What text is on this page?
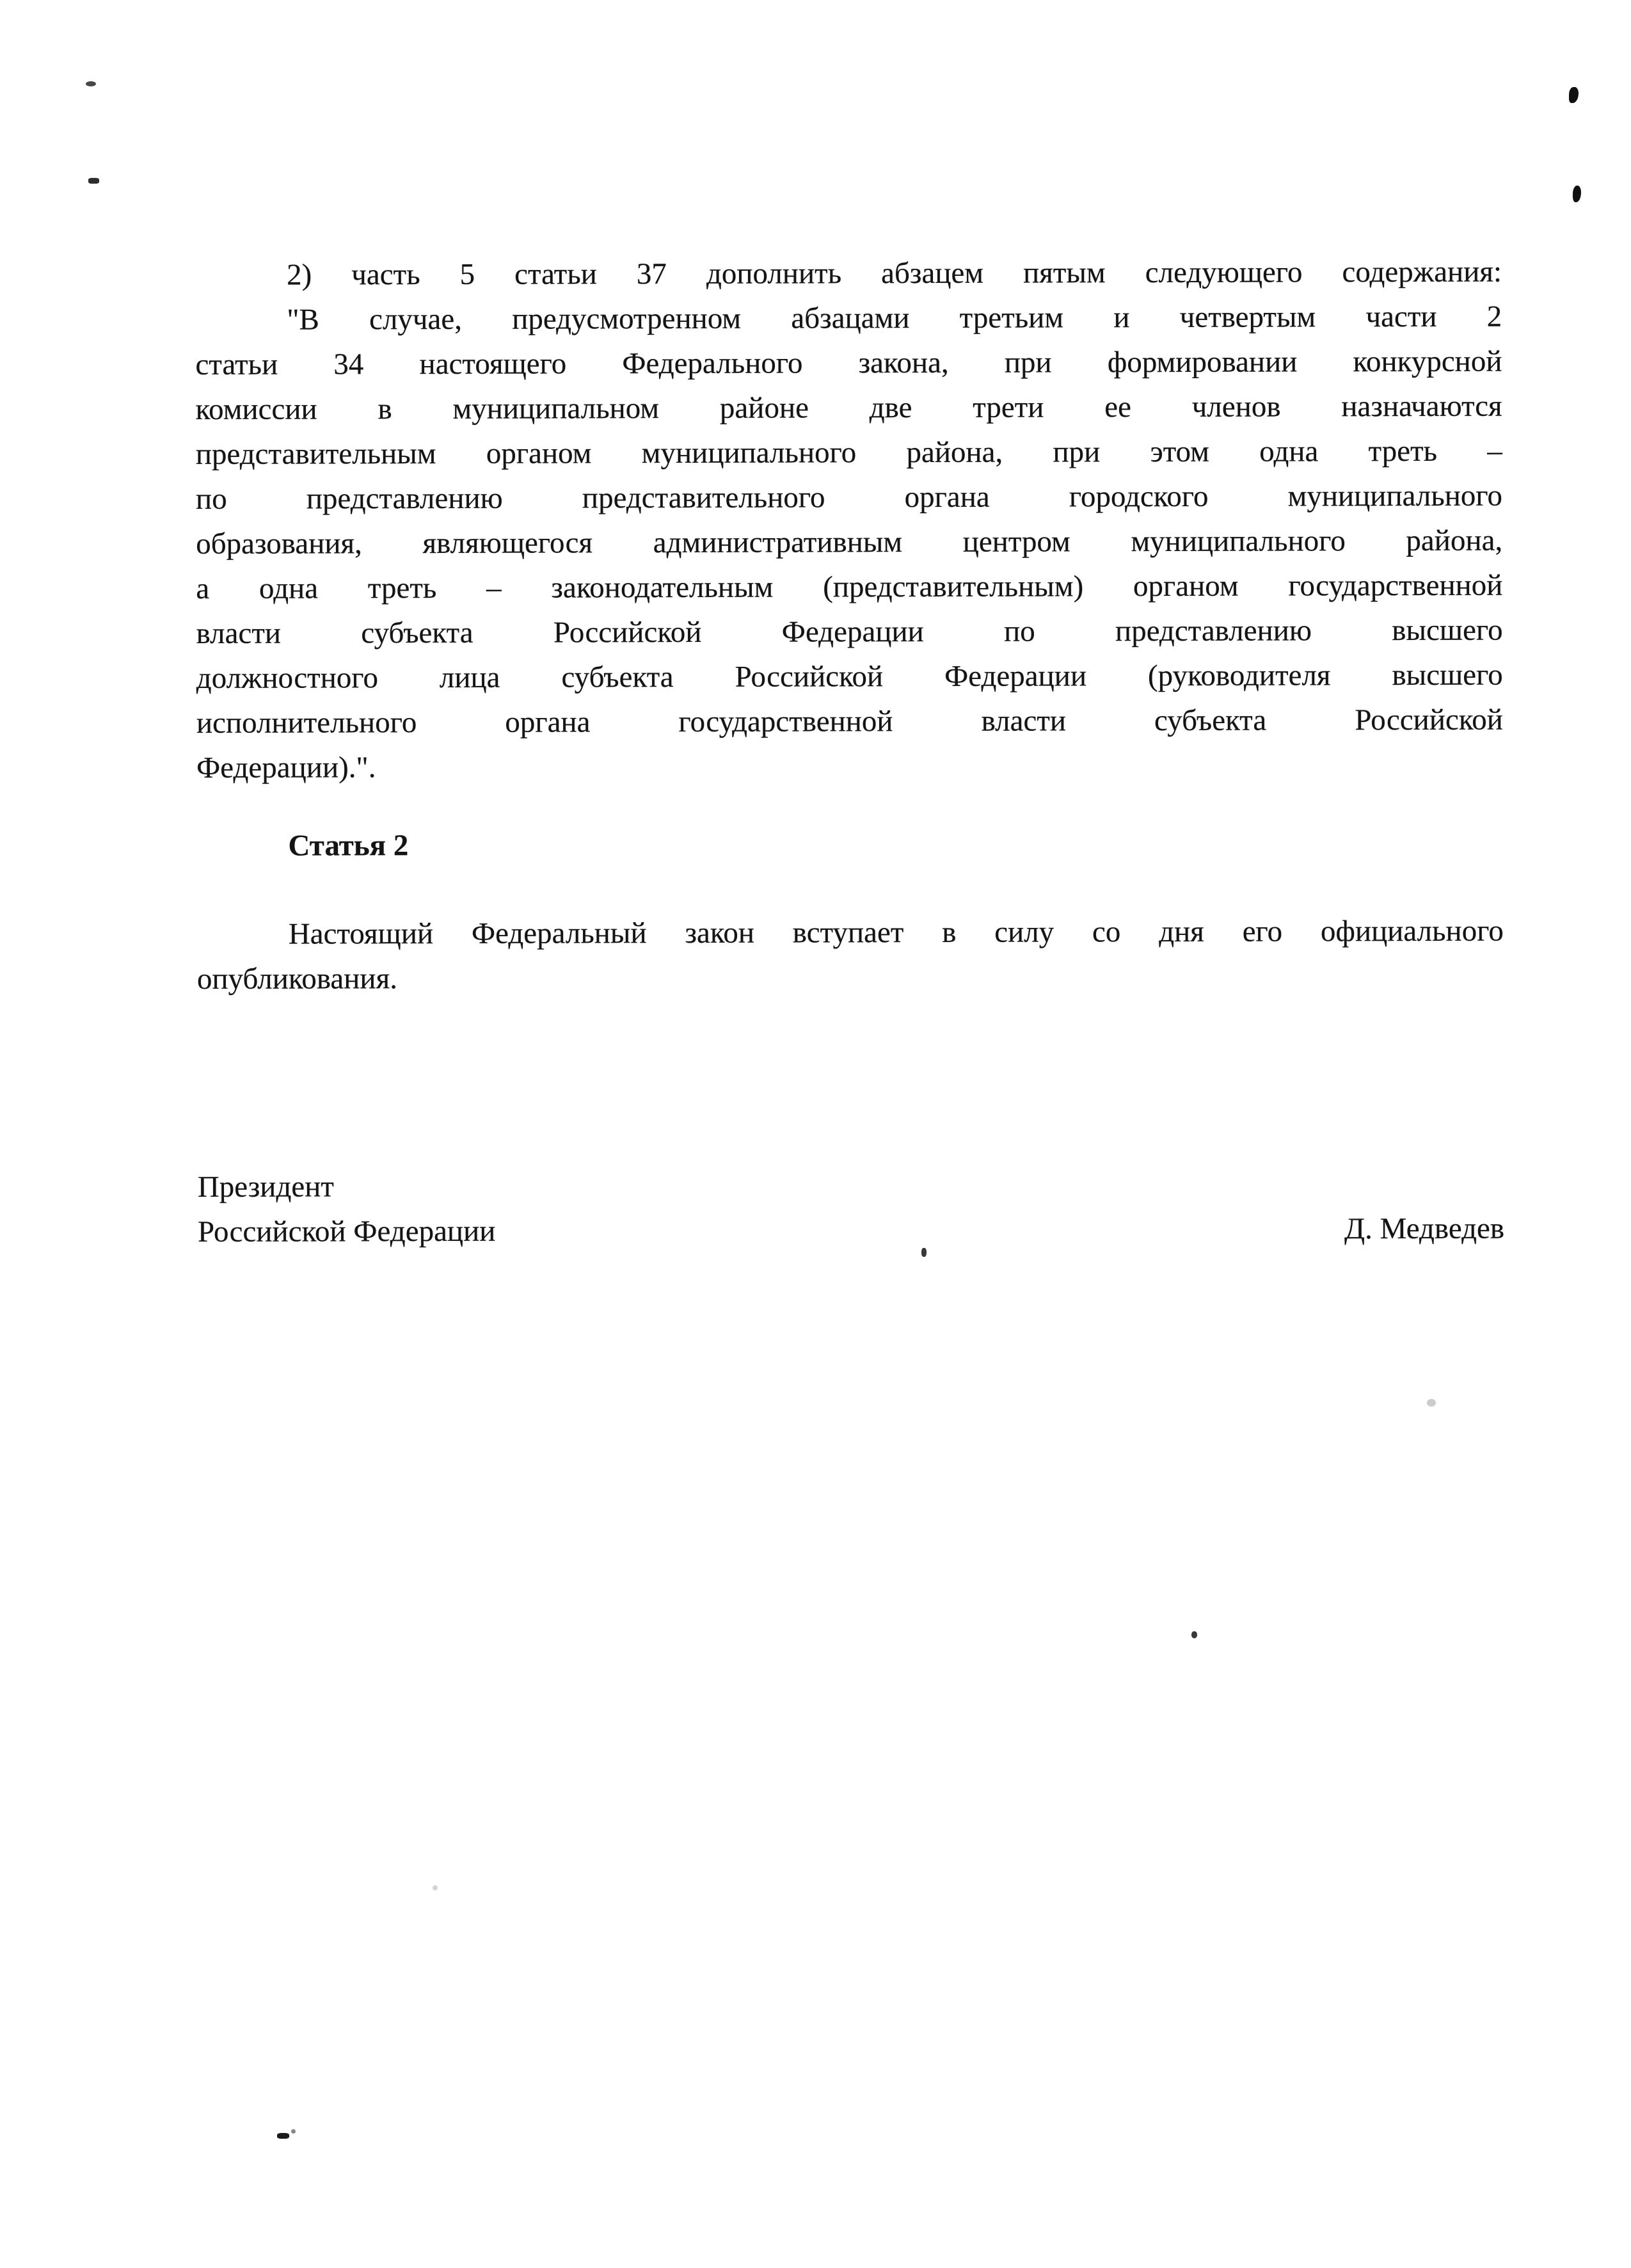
2) часть 5 статьи 37 дополнить абзацем пятым следующего содержания:
"В случае, предусмотренном абзацами третьим и четвертым части 2
статьи 34 настоящего Федерального закона, при формировании конкурсной
комиссии в муниципальном районе две трети ее членов назначаются
представительным органом муниципального района, при этом одна треть –
по представлению представительного органа городского муниципального
образования, являющегося административным центром муниципального района,
а одна треть – законодательным (представительным) органом государственной
власти субъекта Российской Федерации по представлению высшего
должностного лица субъекта Российской Федерации (руководителя высшего
исполнительного органа государственной власти субъекта Российской
Федерации).".
Статья 2
Настоящий Федеральный закон вступает в силу со дня его официального
опубликования.
Президент
Российской Федерации	Д. Медведев
